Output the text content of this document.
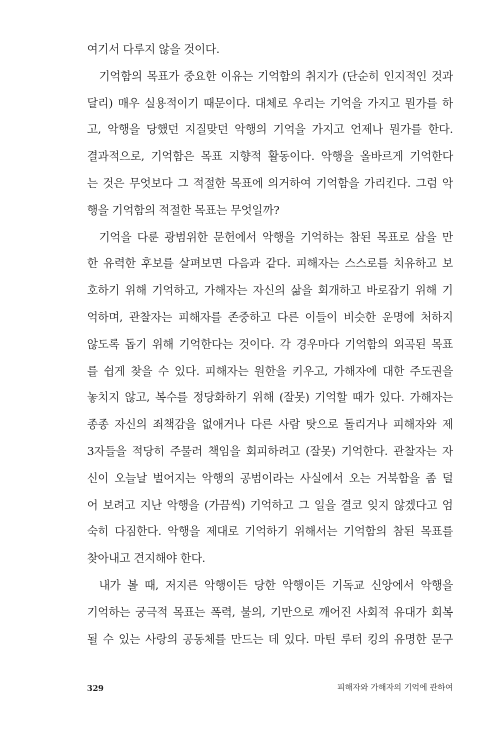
여기서 다루지 않을 것이다.
기억함의 목표가 중요한 이유는 기억함의 취지가 (단순히 인지적인 것과
달리) 매우 실용적이기 때문이다. 대체로 우리는 기억을 가지고 뭔가를 하
고, 악행을 당했던 지질맞던 악행의 기억을 가지고 언제나 뭔가를 한다.
결과적으로, 기억함은 목표 지향적 활동이다. 악행을 올바르게 기억한다
는 것은 무엇보다 그 적절한 목표에 의거하여 기억함을 가리킨다. 그럼 악
행을 기억함의 적절한 목표는 무엇일까?
기억을 다룬 광범위한 문헌에서 악행을 기억하는 참된 목표로 삼을 만
한 유력한 후보를 살펴보면 다음과 같다. 피해자는 스스로를 치유하고 보
호하기 위해 기억하고, 가해자는 자신의 삶을 회개하고 바로잡기 위해 기
억하며, 관찰자는 피해자를 존중하고 다른 이들이 비슷한 운명에 처하지
않도록 돕기 위해 기억한다는 것이다. 각 경우마다 기억함의 외곡된 목표
를 쉽게 찾을 수 있다. 피해자는 원한을 키우고, 가해자에 대한 주도권을
놓치지 않고, 복수를 정당화하기 위해 (잘못) 기억할 때가 있다. 가해자는
종종 자신의 죄책감을 없애거나 다른 사람 탓으로 돌리거나 피해자와 제
3자들을 적당히 주물러 책임을 회피하려고 (잘못) 기억한다. 관찰자는 자
신이 오늘날 벌어지는 악행의 공범이라는 사실에서 오는 거북함을 좀 덜
어 보려고 지난 악행을 (가끔씩) 기억하고 그 일을 결코 잊지 않겠다고 엄
숙히 다짐한다. 악행을 제대로 기억하기 위해서는 기억함의 참된 목표를
찾아내고 견지해야 한다.
내가 볼 때, 저지른 악행이든 당한 악행이든 기독교 신앙에서 악행을
기억하는 궁극적 목표는 폭력, 불의, 기만으로 깨어진 사회적 유대가 회복
될 수 있는 사랑의 공동체를 만드는 데 있다. 마틴 루터 킹의 유명한 문구
329	피해자와 가해자의 기억에 관하여
